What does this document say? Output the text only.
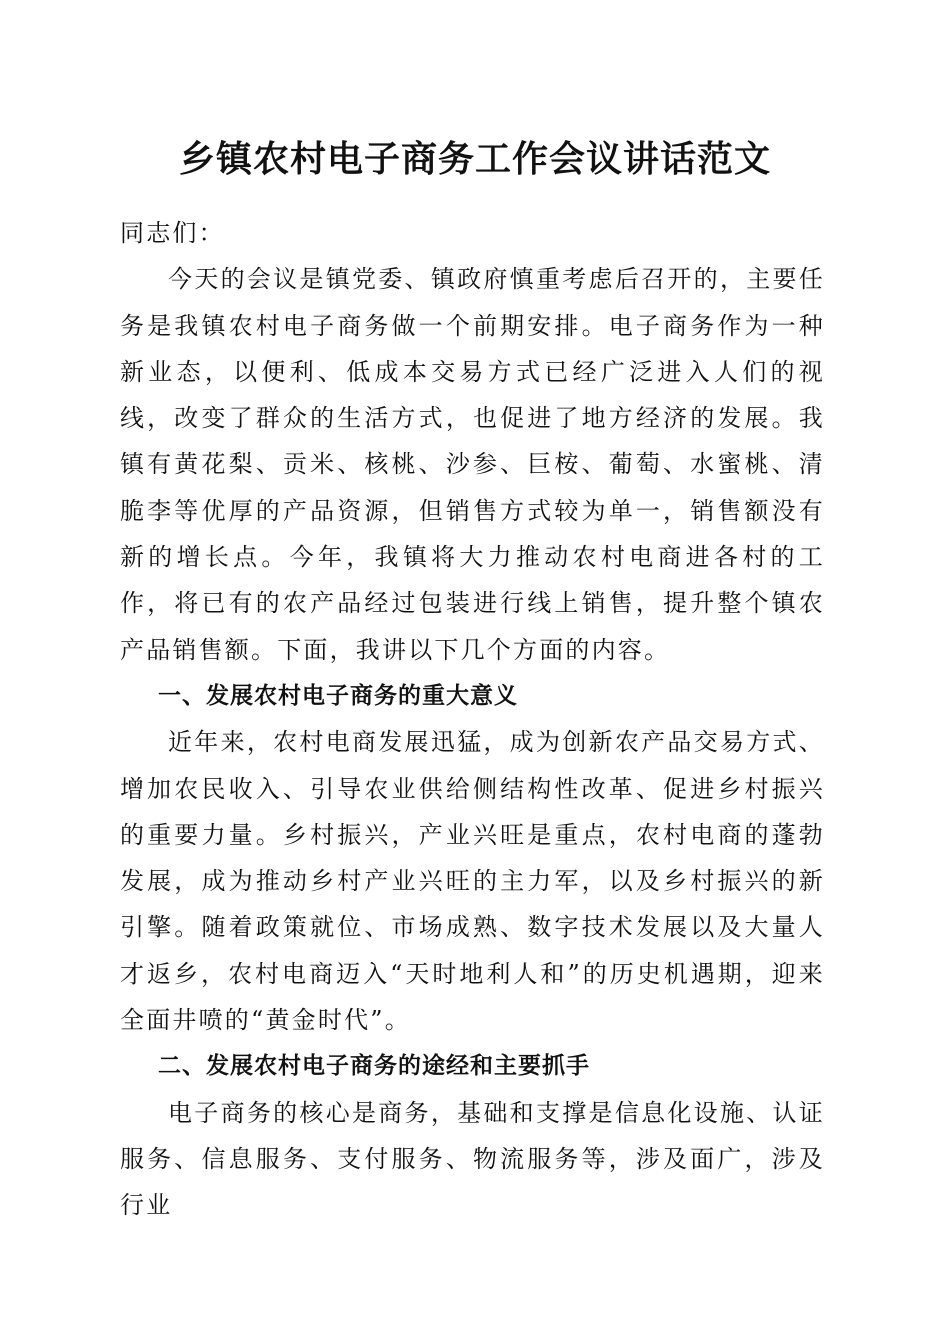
乡镇农村电子商务工作会议讲话范文

同志们：

今天的会议是镇党委、镇政府慎重考虑后召开的，主要任务是我镇农村电子商务做一个前期安排。电子商务作为一种新业态，以便利、低成本交易方式已经广泛进入人们的视线，改变了群众的生活方式，也促进了地方经济的发展。我镇有黄花梨、贡米、核桃、沙参、巨桉、葡萄、水蜜桃、清脆李等优厚的产品资源，但销售方式较为单一，销售额没有新的增长点。今年，我镇将大力推动农村电商进各村的工作，将已有的农产品经过包装进行线上销售，提升整个镇农产品销售额。下面，我讲以下几个方面的内容。

一、发展农村电子商务的重大意义

近年来，农村电商发展迅猛，成为创新农产品交易方式、增加农民收入、引导农业供给侧结构性改革、促进乡村振兴的重要力量。乡村振兴，产业兴旺是重点，农村电商的蓬勃发展，成为推动乡村产业兴旺的主力军，以及乡村振兴的新引擎。随着政策就位、市场成熟、数字技术发展以及大量人才返乡，农村电商迈入“天时地利人和”的历史机遇期，迎来全面井喷的“黄金时代”。

二、发展农村电子商务的途经和主要抓手

电子商务的核心是商务，基础和支撑是信息化设施、认证服务、信息服务、支付服务、物流服务等，涉及面广，涉及行业
